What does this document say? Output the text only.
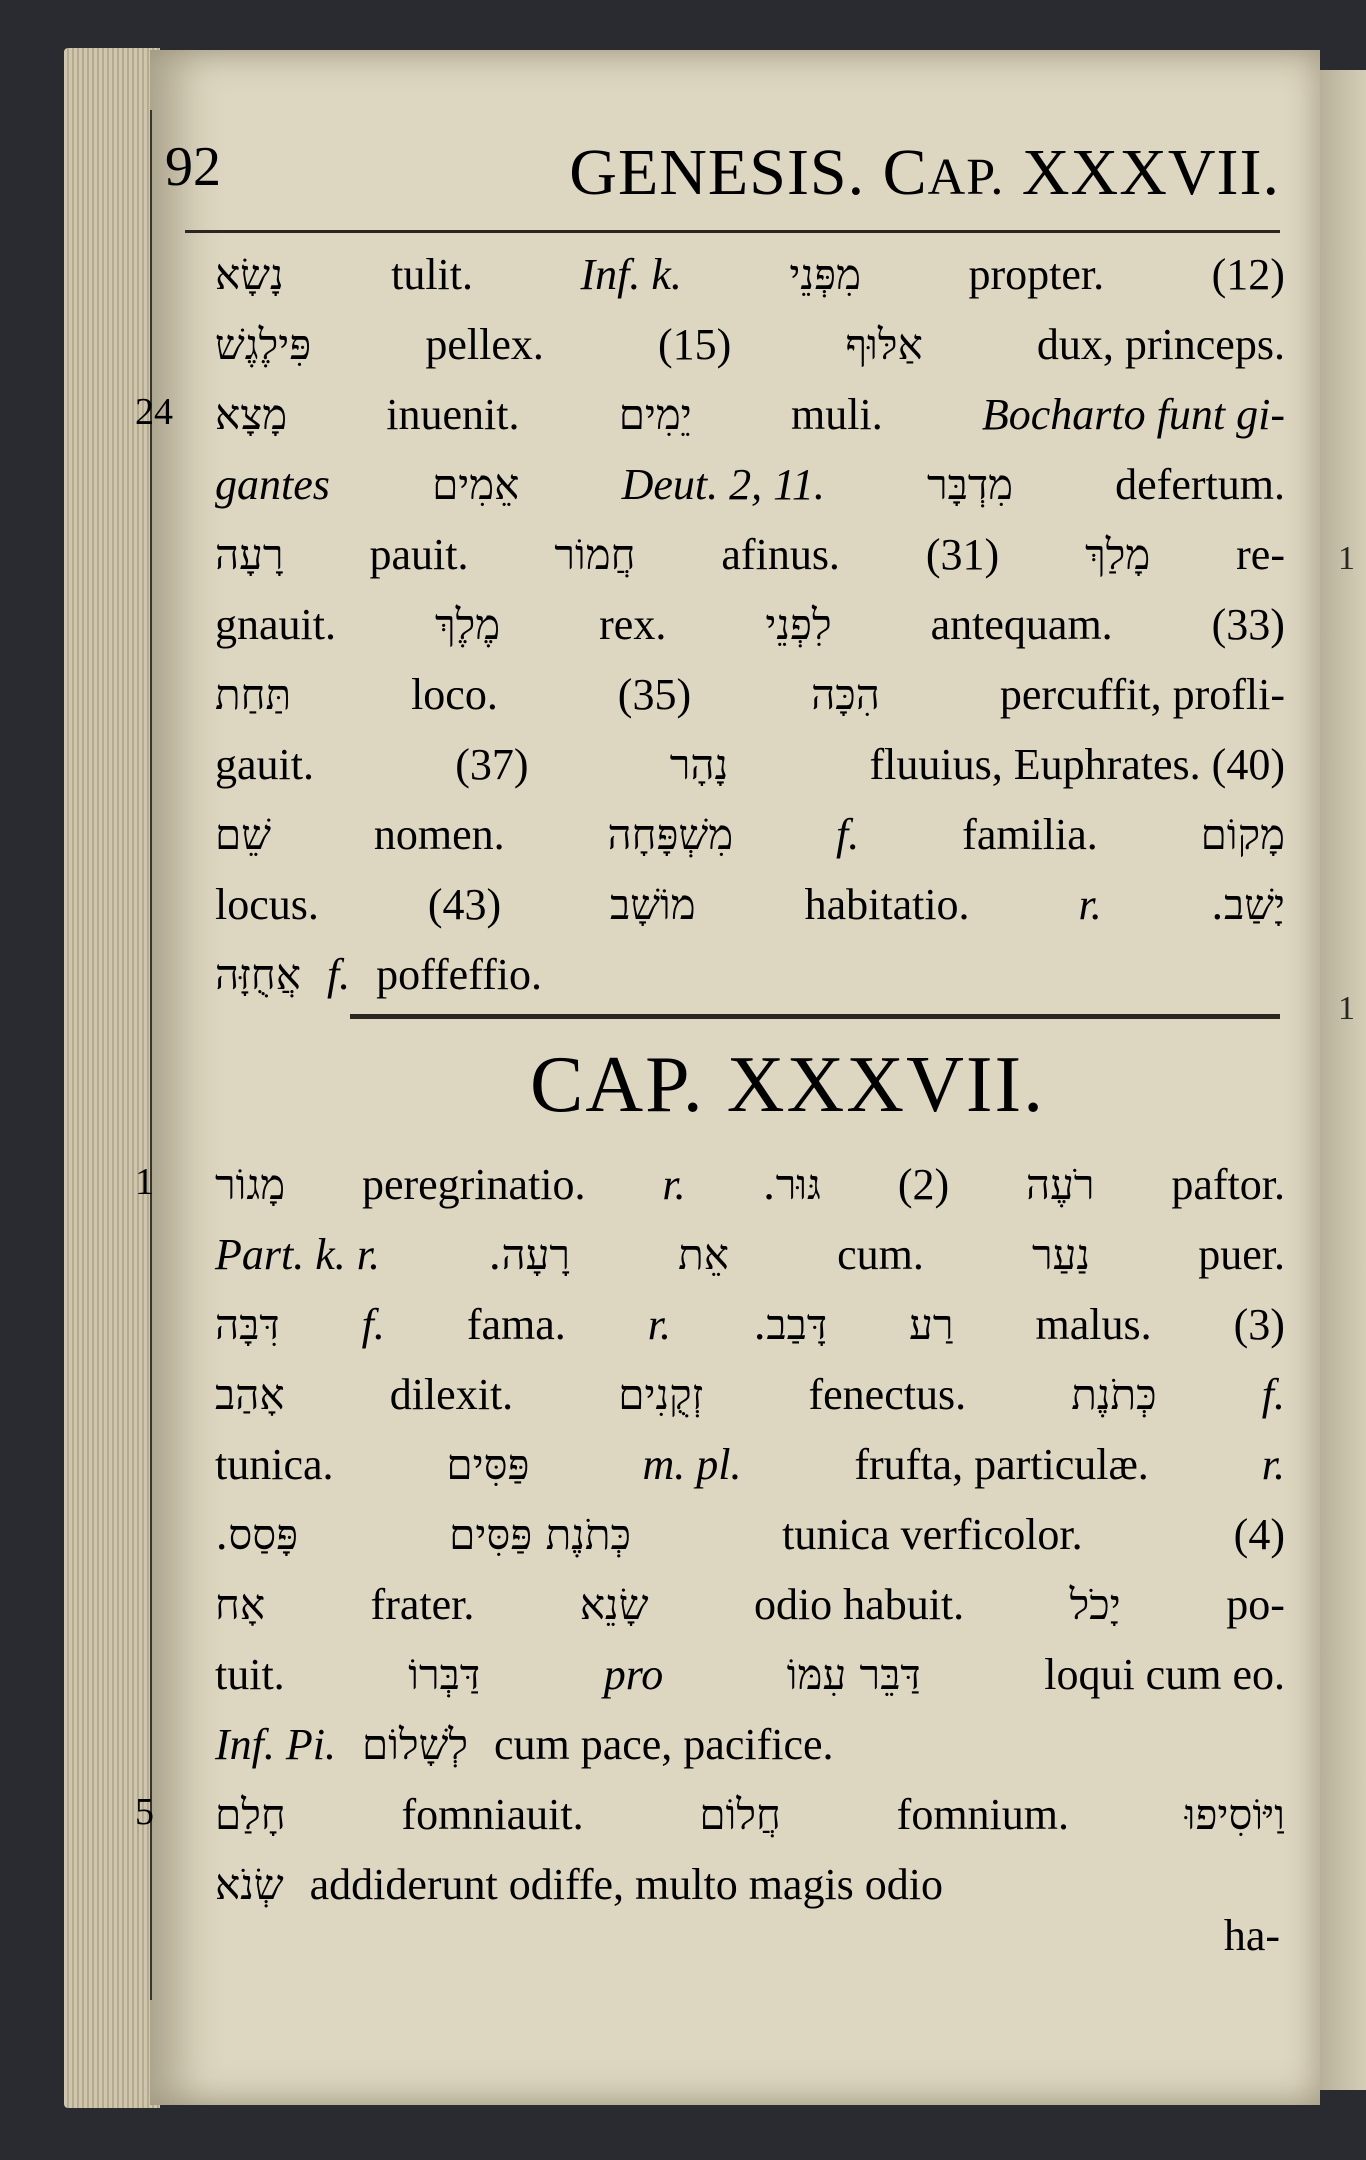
1
1
92	GENESIS. CAP. XXXVII.
נָשָׂא tulit. Inf. k.	מִפְּנֵי propter. (12)
פִּילֶגֶשׁ	pellex.	(15)	אַלּוּף	dux, princeps.
מָצָא inuenit. יֵמִים muli. Bocharto funt gi-
gantes אֵמִים Deut. 2, 11. מִדְבָּר defertum.
רָעָה pauit. חֲמוֹר afinus. (31) מָלַךְ re-
gnauit. מֶלֶךְ rex. לִפְנֵי antequam. (33)
תַּחַת	loco.	(35)	הִכָּה	percuffit, profli-
gauit.	(37)	נָהָר	fluuius, Euphrates. (40)
שֵׁם nomen. מִשְׁפָּחָה f. familia. מָקוֹם
locus. (43)	מוֹשָׁב habitatio. r.	יָשַׁב.
אֲחֻזָּה f. poffeffio.
CAP. XXXVII.
מָגוֹר peregrinatio. r. גּוּר. (2) רֹעֶה paftor.
Part. k. r.	רָעָה.	אֵת cum.	נַעַר puer.
דִּבָּה f. fama. r. דָּבַב. רַע malus. (3)
אָהַב dilexit.	זְקֻנִים fenectus.	כְּתֹנֶת f.
tunica.	פַּסִּים	m. pl.	frufta, particulæ.	r.
פָּסַס.	כְּתֹנֶת פַּסִּים	tunica verficolor.	(4)
אָח frater.	שָׂנֵא odio habuit.	יָכֹל po-
tuit.	דַּבְּרוֹ	pro	דַּבֵּר עִמּוֹ	loqui cum eo.
Inf. Pi. לְשָׁלוֹם cum pace, pacifice.
חָלַם	fomniauit.	חֲלוֹם	fomnium.	וַיּוֹסִיפוּ
שְׂנֹא addiderunt odiffe, multo magis odio
ha-
24
1
5
